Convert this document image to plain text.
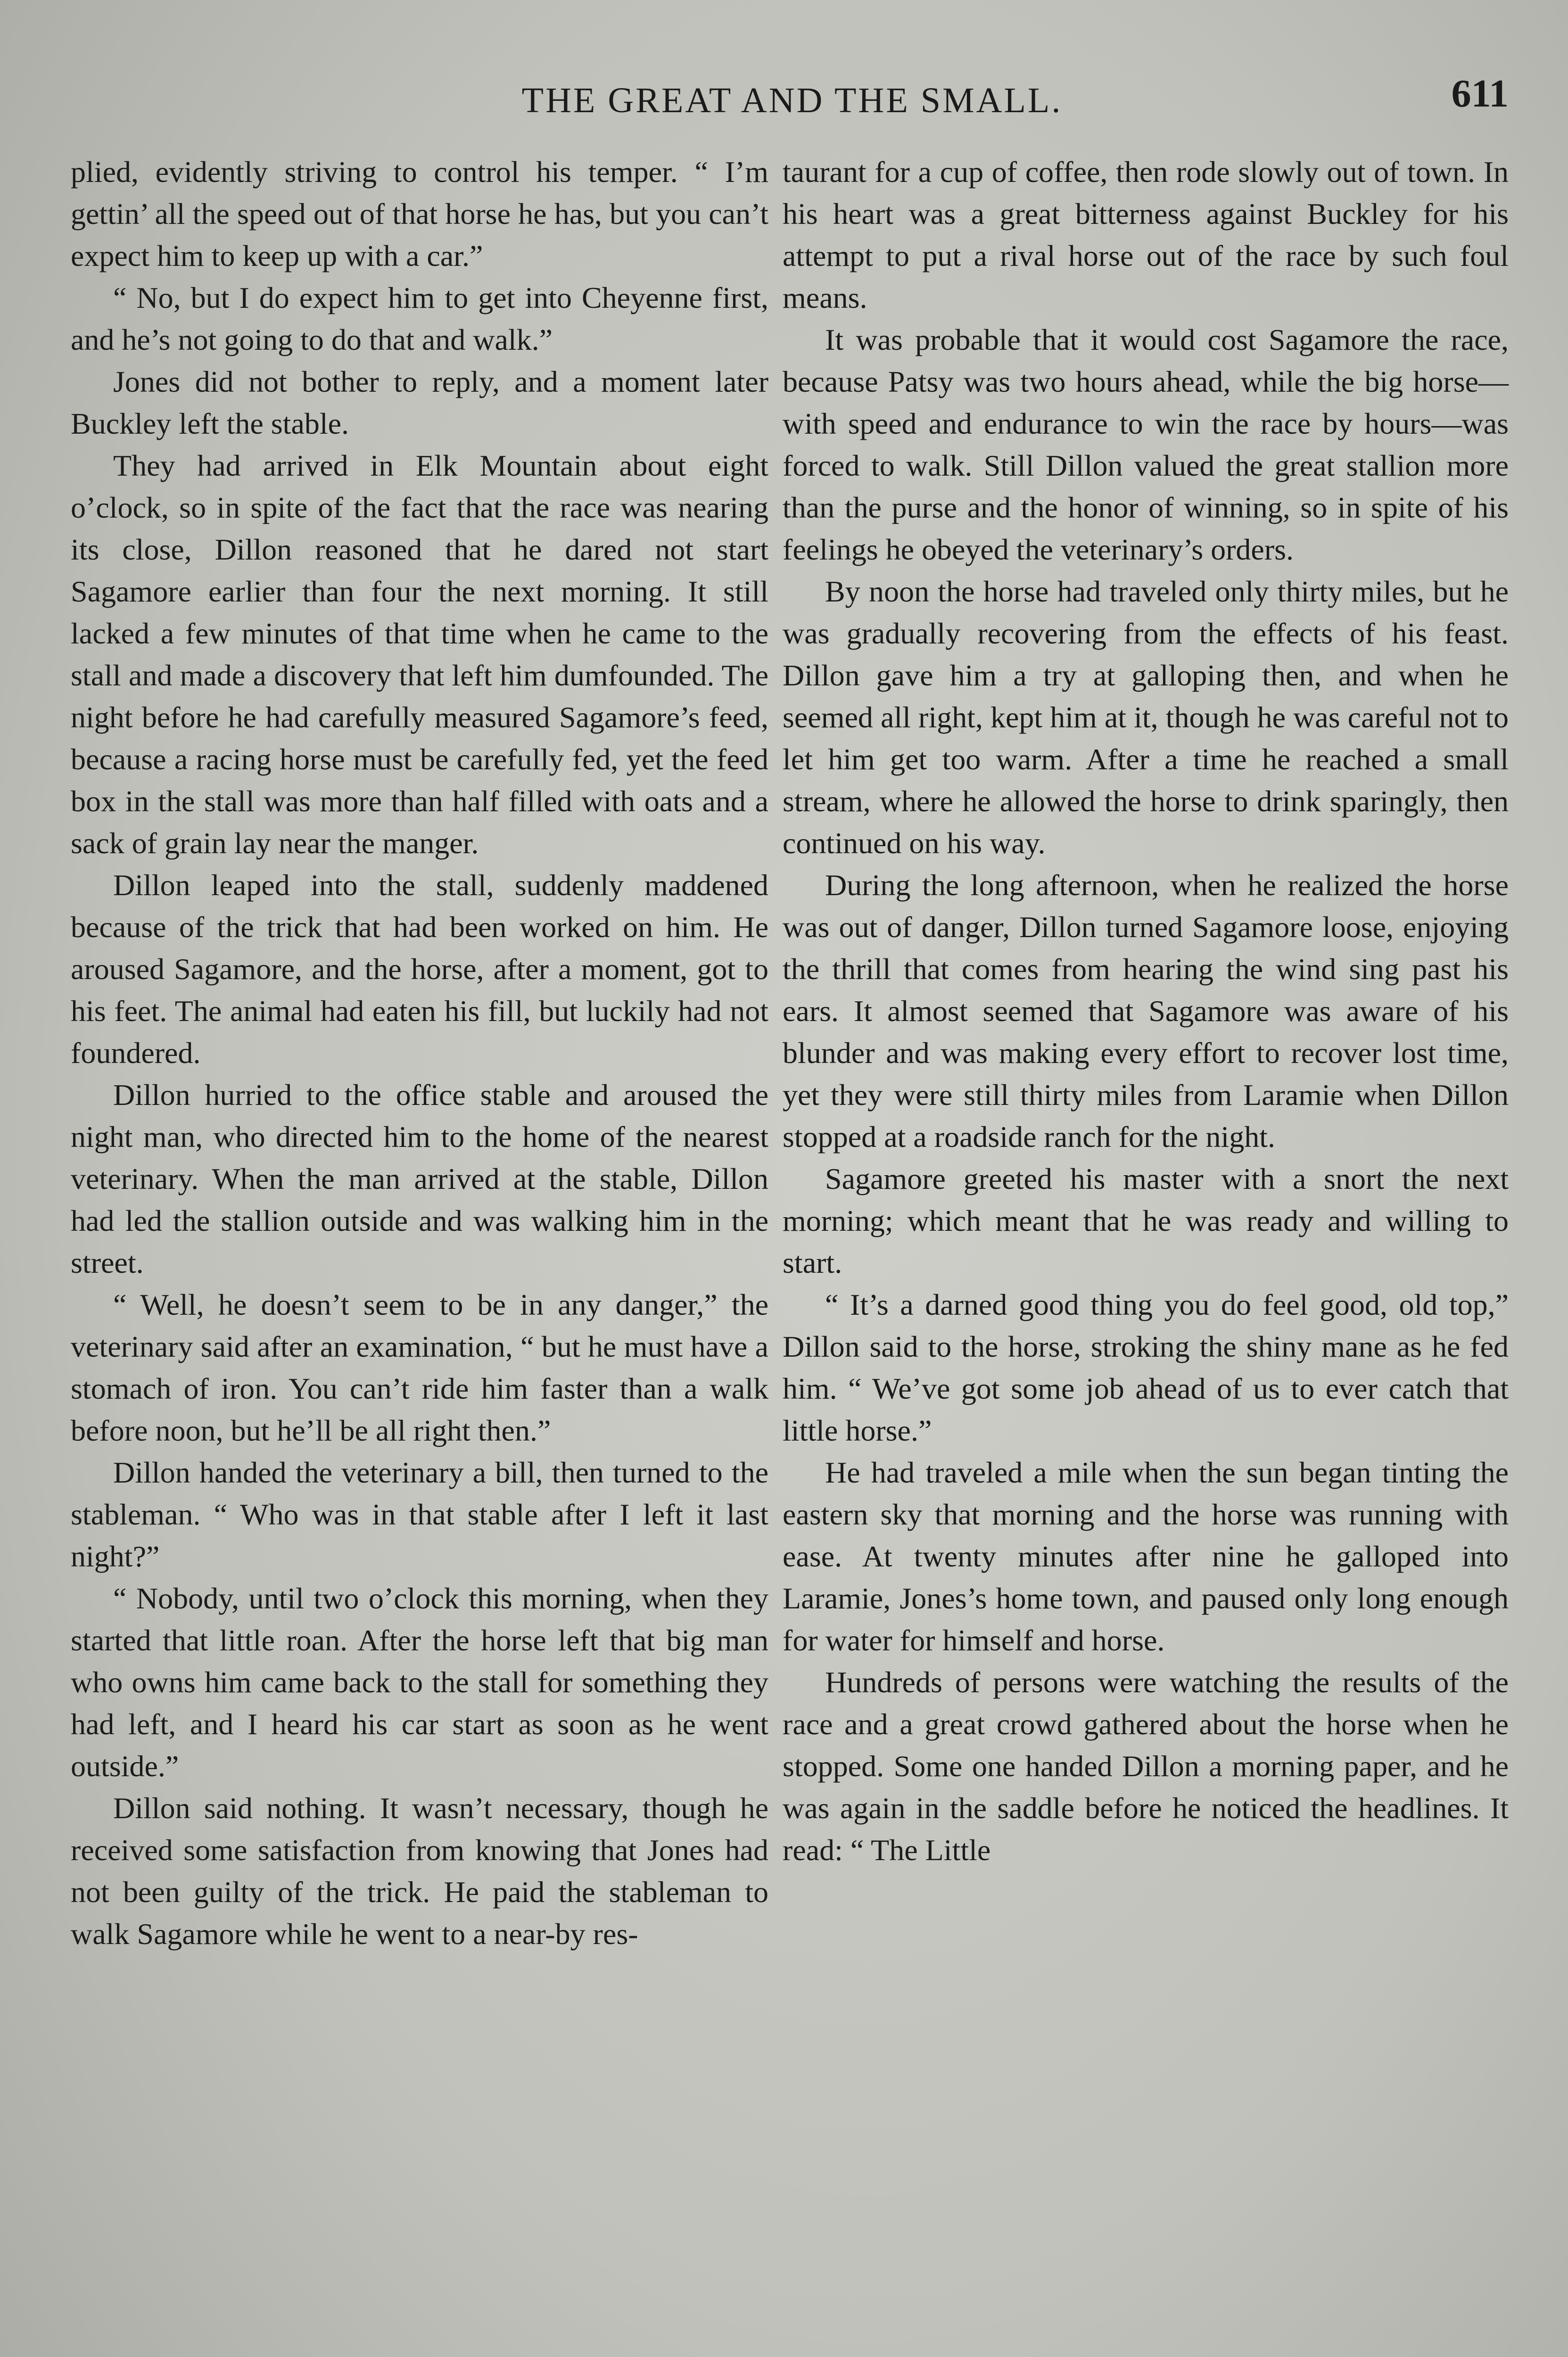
THE GREAT AND THE SMALL.	611

plied, evidently striving to control his temper. “ I’m gettin’ all the speed out of that horse he has, but you can’t expect him to keep up with a car.”

“ No, but I do expect him to get into Cheyenne first, and he’s not going to do that and walk.”

Jones did not bother to reply, and a moment later Buckley left the stable.

They had arrived in Elk Mountain about eight o’clock, so in spite of the fact that the race was nearing its close, Dillon reasoned that he dared not start Sagamore earlier than four the next morning. It still lacked a few minutes of that time when he came to the stall and made a discovery that left him dumfounded. The night before he had carefully measured Sagamore’s feed, because a racing horse must be carefully fed, yet the feed box in the stall was more than half filled with oats and a sack of grain lay near the manger.

Dillon leaped into the stall, suddenly maddened because of the trick that had been worked on him. He aroused Sagamore, and the horse, after a moment, got to his feet. The animal had eaten his fill, but luckily had not foundered.

Dillon hurried to the office stable and aroused the night man, who directed him to the home of the nearest veterinary. When the man arrived at the stable, Dillon had led the stallion outside and was walking him in the street.

“ Well, he doesn’t seem to be in any danger,” the veterinary said after an examination, “ but he must have a stomach of iron. You can’t ride him faster than a walk before noon, but he’ll be all right then.”

Dillon handed the veterinary a bill, then turned to the stableman. “ Who was in that stable after I left it last night?”

“ Nobody, until two o’clock this morning, when they started that little roan. After the horse left that big man who owns him came back to the stall for something they had left, and I heard his car start as soon as he went outside.”

Dillon said nothing. It wasn’t necessary, though he received some satisfaction from knowing that Jones had not been guilty of the trick. He paid the stableman to walk Sagamore while he went to a near-by res-

taurant for a cup of coffee, then rode slowly out of town. In his heart was a great bitterness against Buckley for his attempt to put a rival horse out of the race by such foul means.

It was probable that it would cost Sagamore the race, because Patsy was two hours ahead, while the big horse—with speed and endurance to win the race by hours—was forced to walk. Still Dillon valued the great stallion more than the purse and the honor of winning, so in spite of his feelings he obeyed the veterinary’s orders.

By noon the horse had traveled only thirty miles, but he was gradually recovering from the effects of his feast. Dillon gave him a try at galloping then, and when he seemed all right, kept him at it, though he was careful not to let him get too warm. After a time he reached a small stream, where he allowed the horse to drink sparingly, then continued on his way.

During the long afternoon, when he realized the horse was out of danger, Dillon turned Sagamore loose, enjoying the thrill that comes from hearing the wind sing past his ears. It almost seemed that Sagamore was aware of his blunder and was making every effort to recover lost time, yet they were still thirty miles from Laramie when Dillon stopped at a roadside ranch for the night.

Sagamore greeted his master with a snort the next morning; which meant that he was ready and willing to start.

“ It’s a darned good thing you do feel good, old top,” Dillon said to the horse, stroking the shiny mane as he fed him. “ We’ve got some job ahead of us to ever catch that little horse.”

He had traveled a mile when the sun began tinting the eastern sky that morning and the horse was running with ease. At twenty minutes after nine he galloped into Laramie, Jones’s home town, and paused only long enough for water for himself and horse.

Hundreds of persons were watching the results of the race and a great crowd gathered about the horse when he stopped. Some one handed Dillon a morning paper, and he was again in the saddle before he noticed the headlines. It read: “ The Little
